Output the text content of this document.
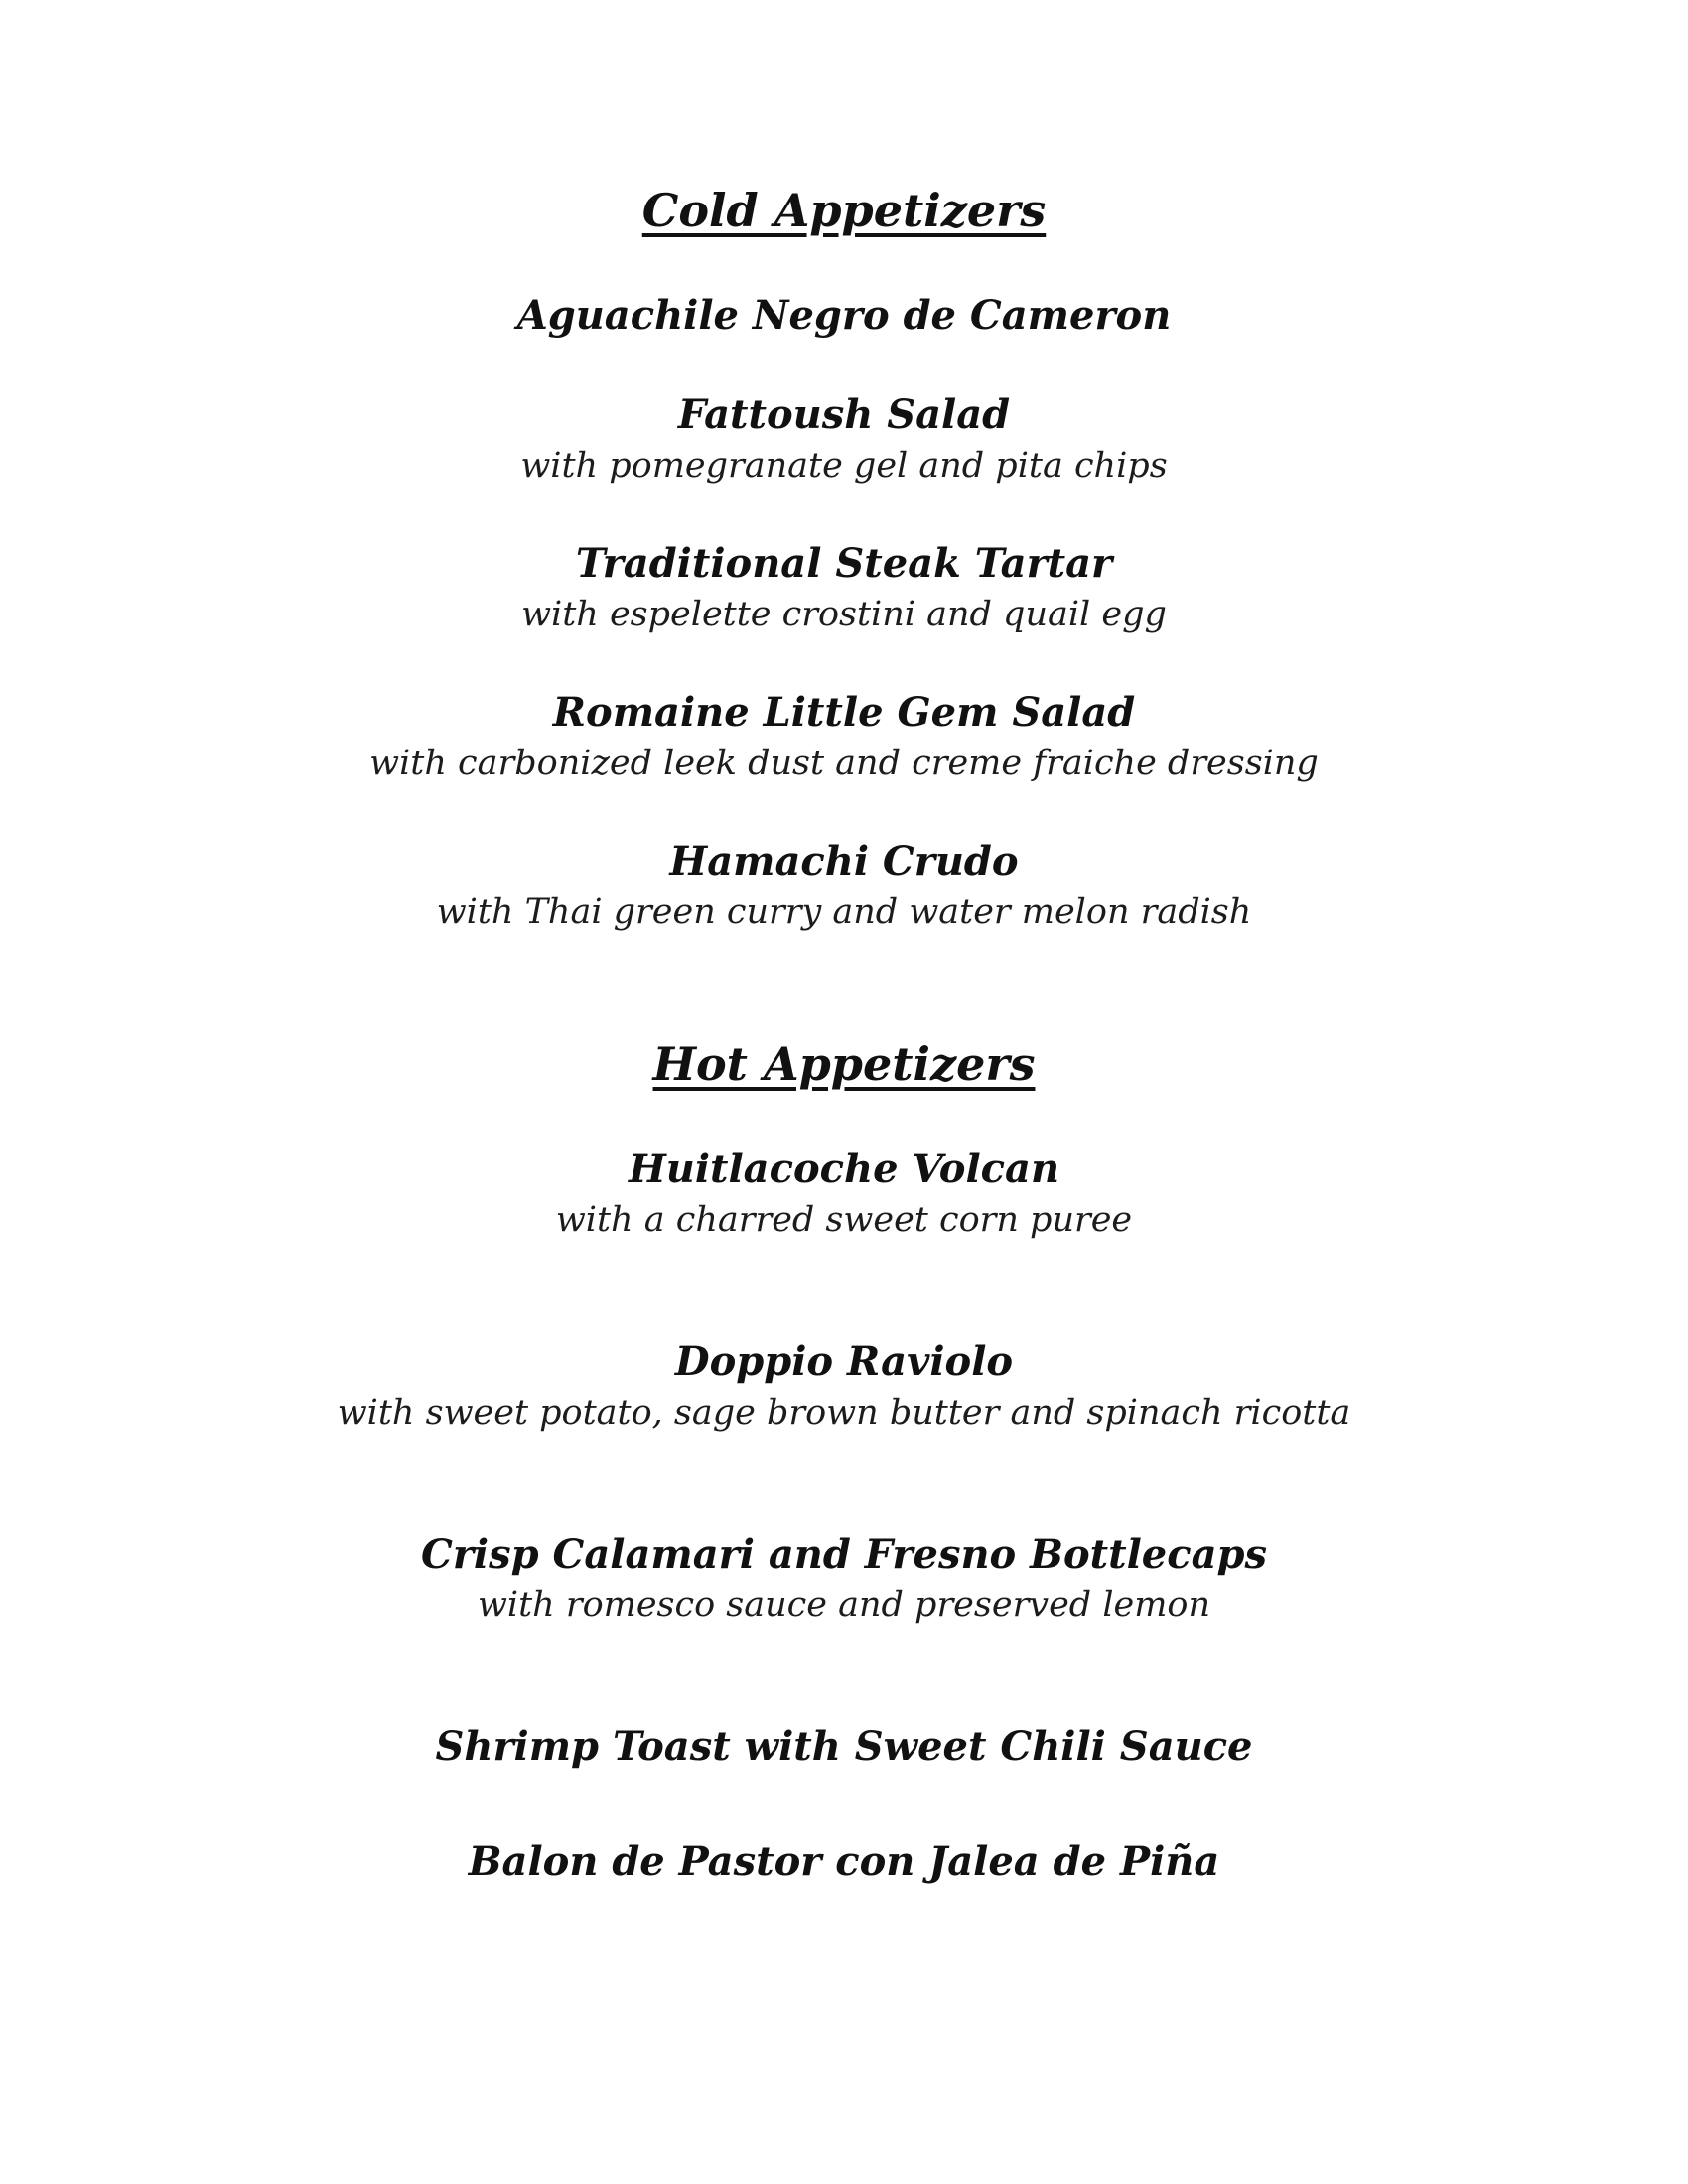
Cold Appetizers
Aguachile Negro de Cameron
Fattoush Salad
with pomegranate gel and pita chips
Traditional Steak Tartar
with espelette crostini and quail egg
Romaine Little Gem Salad
with carbonized leek dust and creme fraiche dressing
Hamachi Crudo
with Thai green curry and water melon radish
Hot Appetizers
Huitlacoche Volcan
with a charred sweet corn puree
Doppio Raviolo
with sweet potato, sage brown butter and spinach ricotta
Crisp Calamari and Fresno Bottlecaps
with romesco sauce and preserved lemon
Shrimp Toast with Sweet Chili Sauce
Balon de Pastor con Jalea de Piña
